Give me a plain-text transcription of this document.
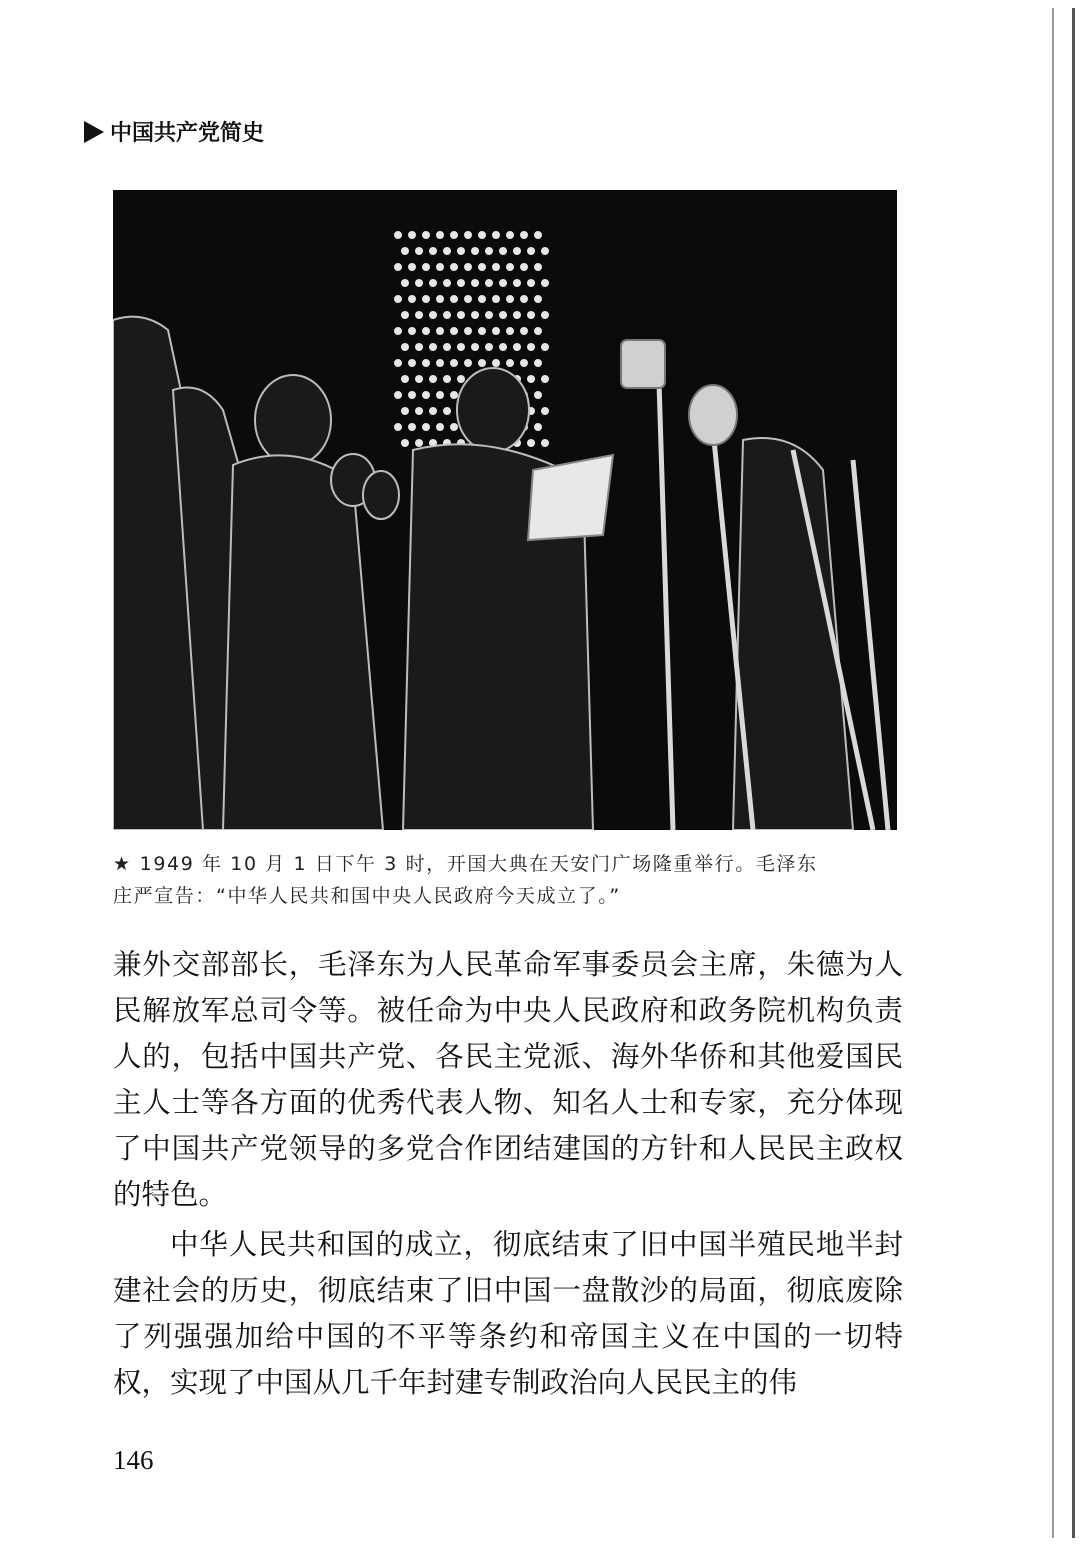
中国共产党简史
★ 1949 年 10 月 1 日下午 3 时，开国大典在天安门广场隆重举行。毛泽东
庄严宣告：“中华人民共和国中央人民政府今天成立了。”

兼外交部部长，毛泽东为人民革命军事委员会主席，朱德为人民解放军总司令等。被任命为中央人民政府和政务院机构负责人的，包括中国共产党、各民主党派、海外华侨和其他爱国民主人士等各方面的优秀代表人物、知名人士和专家，充分体现了中国共产党领导的多党合作团结建国的方针和人民民主政权的特色。

中华人民共和国的成立，彻底结束了旧中国半殖民地半封建社会的历史，彻底结束了旧中国一盘散沙的局面，彻底废除了列强强加给中国的不平等条约和帝国主义在中国的一切特权，实现了中国从几千年封建专制政治向人民民主的伟

146
